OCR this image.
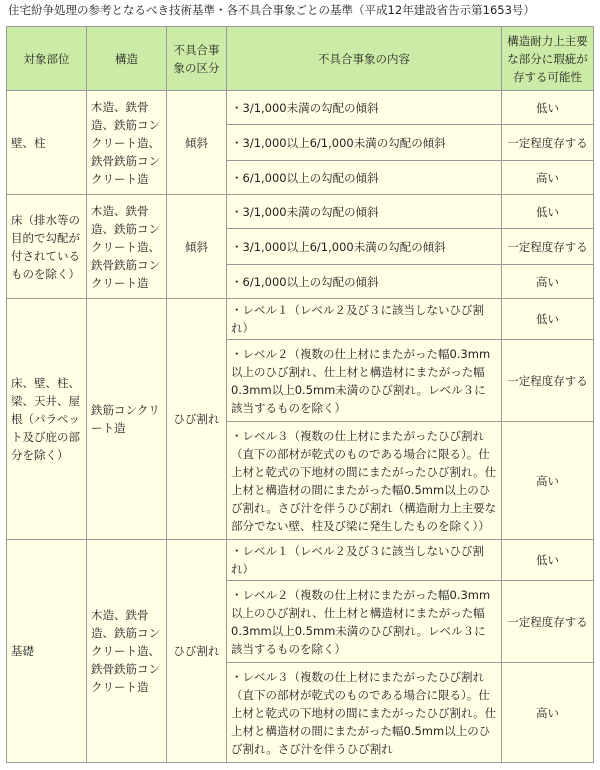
住宅紛争処理の参考となるべき技術基準・各不具合事象ごとの基準（平成12年建設省告示第1653号）
対象部位	構造	不具合事象の区分	不具合事象の内容	構造耐力上主要な部分に瑕疵が存する可能性
壁、柱	木造、鉄骨造、鉄筋コンクリート造、鉄骨鉄筋コンクリート造	傾斜	・3/1,000未満の勾配の傾斜	低い
			・3/1,000以上6/1,000未満の勾配の傾斜	一定程度存する
			・6/1,000以上の勾配の傾斜	高い
床（排水等の目的で勾配が付されているものを除く）	木造、鉄骨造、鉄筋コンクリート造、鉄骨鉄筋コンクリート造	傾斜	・3/1,000未満の勾配の傾斜	低い
			・3/1,000以上6/1,000未満の勾配の傾斜	一定程度存する
			・6/1,000以上の勾配の傾斜	高い
床、壁、柱、梁、天井、屋根（パラペット及び庇の部分を除く）	鉄筋コンクリート造	ひび割れ	・レベル１（レベル２及び３に該当しないひび割れ）	低い
			・レベル２（複数の仕上材にまたがった幅0.3mm以上のひび割れ、仕上材と構造材にまたがった幅0.3mm以上0.5mm未満のひび割れ。レベル３に該当するものを除く）	一定程度存する
			・レベル３（複数の仕上材にまたがったひび割れ（直下の部材が乾式のものである場合に限る）。仕上材と乾式の下地材の間にまたがったひび割れ。仕上材と構造材の間にまたがった幅0.5mm以上のひび割れ。さび汁を伴うひび割れ（構造耐力上主要な部分でない壁、柱及び梁に発生したものを除く））	高い
基礎	木造、鉄骨造、鉄筋コンクリート造、鉄骨鉄筋コンクリート造	ひび割れ	・レベル１（レベル２及び３に該当しないひび割れ）	低い
			・レベル２（複数の仕上材にまたがった幅0.3mm以上のひび割れ、仕上材と構造材にまたがった幅0.3mm以上0.5mm未満のひび割れ。レベル３に該当するものを除く）	一定程度存する
			・レベル３（複数の仕上材にまたがったひび割れ（直下の部材が乾式のものである場合に限る）。仕上材と乾式の下地材の間にまたがったひび割れ。仕上材と構造材の間にまたがった幅0.5mm以上のひび割れ。さび汁を伴うひび割れ	高い
